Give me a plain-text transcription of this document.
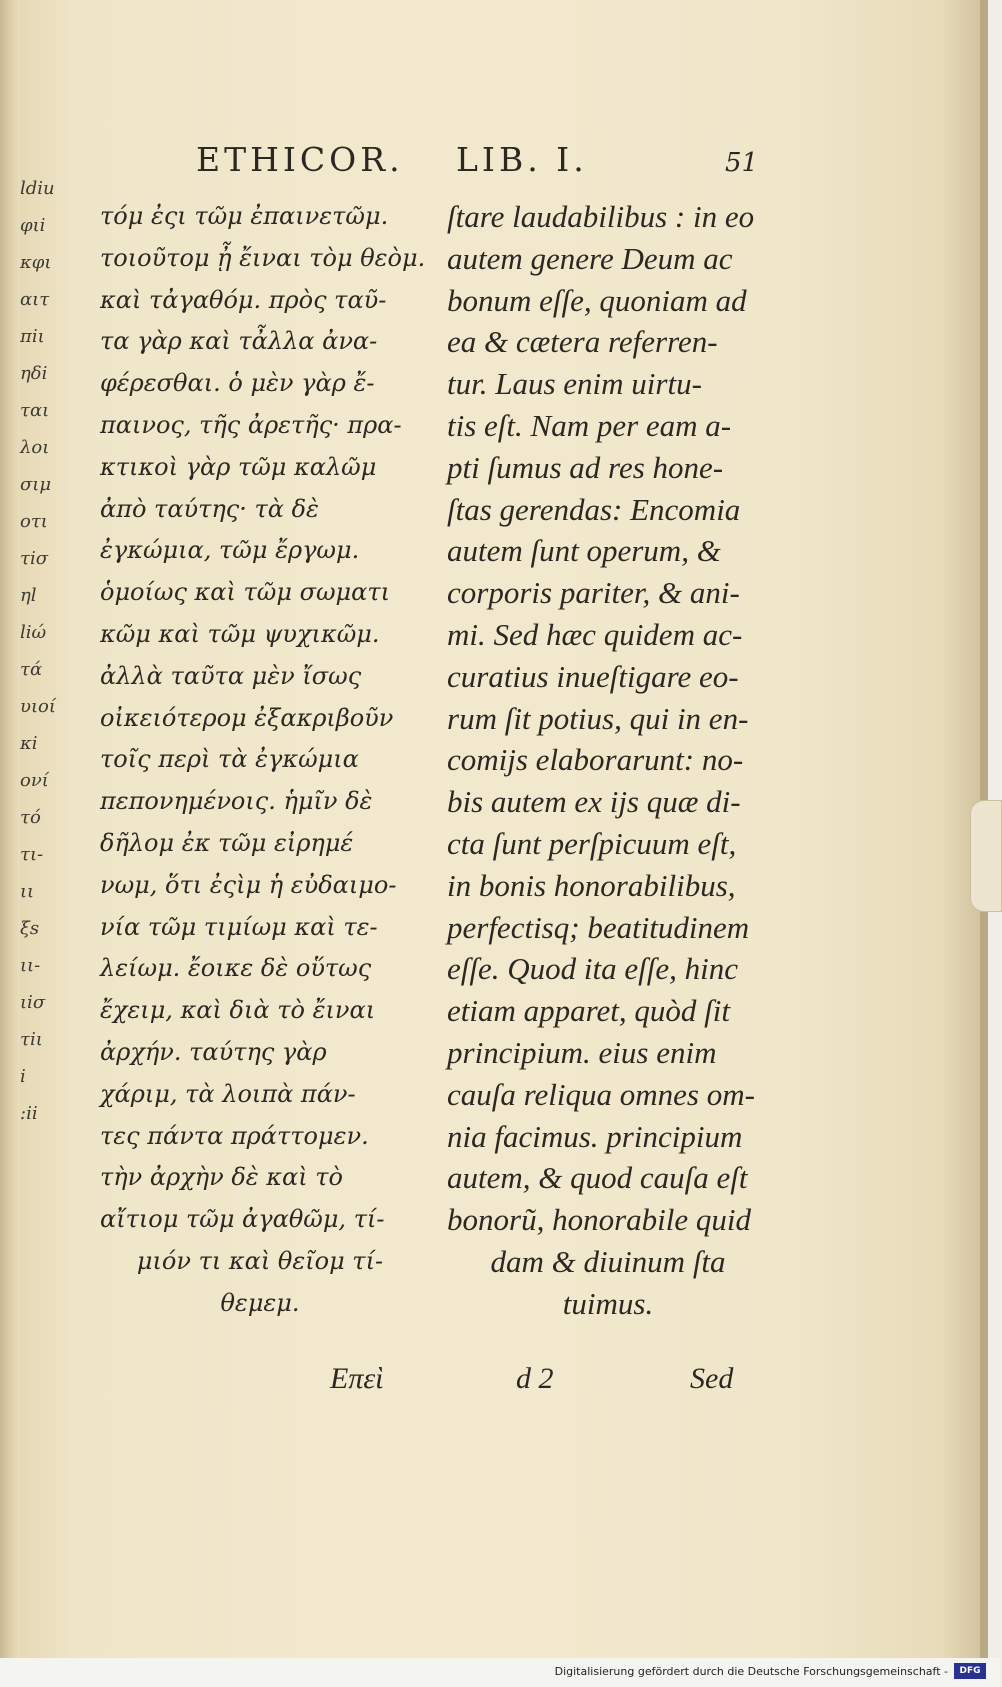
ldiu
φιi
κφι
αιτ
πiι
ηδi
ται
λοι
σιμ
οτι
τiσ
ηl
liώ
τά
υιοί
κi
ονί
τό
τι-
ιι
ξs
ιι-
ιiσ
τiι
i
:ii
ETHICOR. LIB. I.	51
τόμ ἐςι τῶμ ἐπαινετῶμ.
τοιοῦτομ ᾖ ἔιναι τὸμ θεὸμ.
καὶ τἀγαθόμ. πρὸς ταῦ-
τα γὰρ καὶ τἆλλα ἀνα-
φέρεσθαι. ὁ μὲν γὰρ ἔ-
παινος, τῆς ἀρετῆς· πρα-
κτικοὶ γὰρ τῶμ καλῶμ
ἀπὸ ταύτης· τὰ δὲ
ἐγκώμια, τῶμ ἔργωμ.
ὁμοίως καὶ τῶμ σωματι
κῶμ καὶ τῶμ ψυχικῶμ.
ἀλλὰ ταῦτα μὲν ἴσως
οἰκειότερομ ἐξακριβοῦν
τοῖς περὶ τὰ ἐγκώμια
πεπονημένοις. ἡμῖν δὲ
δῆλομ ἐκ τῶμ εἰρημέ
νωμ, ὅτι ἐςὶμ ἡ εὐδαιμο-
νία τῶμ τιμίωμ καὶ τε-
λείωμ. ἔοικε δὲ οὕτως
ἔχειμ, καὶ διὰ τὸ ἔιναι
ἀρχήν. ταύτης γὰρ
χάριμ, τὰ λοιπὰ πάν-
τες πάντα πράττομεν.
τὴν ἀρχὴν δὲ καὶ τὸ
αἴτιομ τῶμ ἀγαθῶμ, τί-
μιόν τι καὶ θεῖομ τί-
θεμεμ.
ſtare laudabilibus : in eo
autem genere Deum ac
bonum eſſe, quoniam ad
ea & cætera referren-
tur. Laus enim uirtu-
tis eſt. Nam per eam a-
pti ſumus ad res hone-
ſtas gerendas: Encomia
autem ſunt operum, &
corporis pariter, & ani-
mi. Sed hæc quidem ac-
curatius inueſtigare eo-
rum ſit potius, qui in en-
comijs elaborarunt: no-
bis autem ex ijs quæ di-
cta ſunt perſpicuum eſt,
in bonis honorabilibus,
perfectisq; beatitudinem
eſſe. Quod ita eſſe, hinc
etiam apparet, quòd ſit
principium. eius enim
cauſa reliqua omnes om-
nia facimus. principium
autem, & quod cauſa eſt
bonorũ, honorabile quid
dam & diuinum ſta
tuimus.
Επεὶ	d 2	Sed
Digitalisierung gefördert durch die Deutsche Forschungsgemeinschaft -	DFG
